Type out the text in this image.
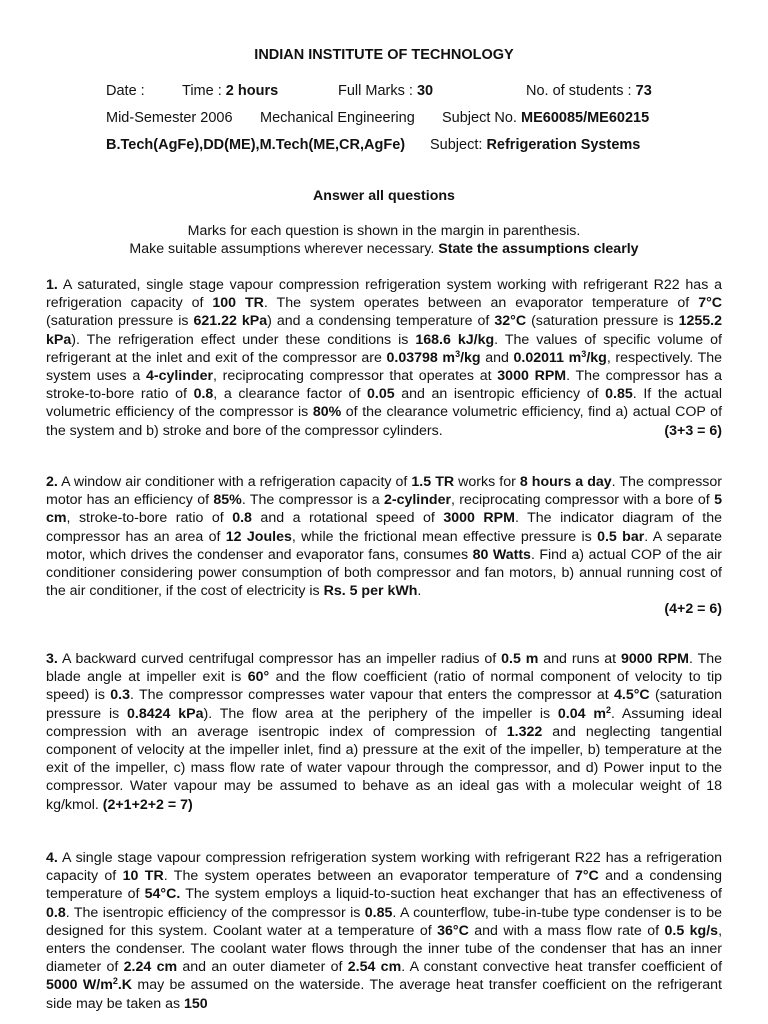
INDIAN INSTITUTE OF TECHNOLOGY
Date :	Time : 2 hours	Full Marks : 30	No. of students : 73
Mid-Semester 2006 Mechanical Engineering Subject No. ME60085/ME60215
B.Tech(AgFe),DD(ME),M.Tech(ME,CR,AgFe) Subject: Refrigeration Systems
Answer all questions
Marks for each question is shown in the margin in parenthesis.
Make suitable assumptions wherever necessary. State the assumptions clearly

1. A saturated, single stage vapour compression refrigeration system working with refrigerant R22 has a refrigeration capacity of 100 TR. The system operates between an evaporator temperature of 7°C (saturation pressure is 621.22 kPa) and a condensing temperature of 32°C (saturation pressure is 1255.2 kPa). The refrigeration effect under these conditions is 168.6 kJ/kg. The values of specific volume of refrigerant at the inlet and exit of the compressor are 0.03798 $m^3/kg$ and 0.02011 $m^3/kg$, respectively. The system uses a 4-cylinder, reciprocating compressor that operates at 3000 RPM. The compressor has a stroke-to-bore ratio of 0.8, a clearance factor of 0.05 and an isentropic efficiency of 0.85. If the actual volumetric efficiency of the compressor is 80% of the clearance volumetric efficiency, find a) actual COP of the system and b) stroke and bore of the compressor cylinders.	(3+3 = 6)

2. A window air conditioner with a refrigeration capacity of 1.5 TR works for 8 hours a day. The compressor motor has an efficiency of 85%. The compressor is a 2-cylinder, reciprocating compressor with a bore of 5 cm, stroke-to-bore ratio of 0.8 and a rotational speed of 3000 RPM. The indicator diagram of the compressor has an area of 12 Joules, while the frictional mean effective pressure is 0.5 bar. A separate motor, which drives the condenser and evaporator fans, consumes 80 Watts. Find a) actual COP of the air conditioner considering power consumption of both compressor and fan motors, b) annual running cost of the air conditioner, if the cost of electricity is Rs. 5 per kWh.

(4+2 = 6)

3. A backward curved centrifugal compressor has an impeller radius of 0.5 m and runs at 9000 RPM. The blade angle at impeller exit is 60° and the flow coefficient (ratio of normal component of velocity to tip speed) is 0.3. The compressor compresses water vapour that enters the compressor at 4.5°C (saturation pressure is 0.8424 kPa). The flow area at the periphery of the impeller is 0.04 $m^2$. Assuming ideal compression with an average isentropic index of compression of 1.322 and neglecting tangential component of velocity at the impeller inlet, find a) pressure at the exit of the impeller, b) temperature at the exit of the impeller, c) mass flow rate of water vapour through the compressor, and d) Power input to the compressor. Water vapour may be assumed to behave as an ideal gas with a molecular weight of 18 kg/kmol. (2+1+2+2 = 7)

4. A single stage vapour compression refrigeration system working with refrigerant R22 has a refrigeration capacity of 10 TR. The system operates between an evaporator temperature of 7°C and a condensing temperature of 54°C. The system employs a liquid-to-suction heat exchanger that has an effectiveness of 0.8. The isentropic efficiency of the compressor is 0.85. A counterflow, tube-in-tube type condenser is to be designed for this system. Coolant water at a temperature of 36°C and with a mass flow rate of 0.5 kg/s, enters the condenser. The coolant water flows through the inner tube of the condenser that has an inner diameter of 2.24 cm and an outer diameter of 2.54 cm. A constant convective heat transfer coefficient of 5000 $W/m^2.K$ may be assumed on the waterside. The average heat transfer coefficient on the refrigerant side may be taken as 150
